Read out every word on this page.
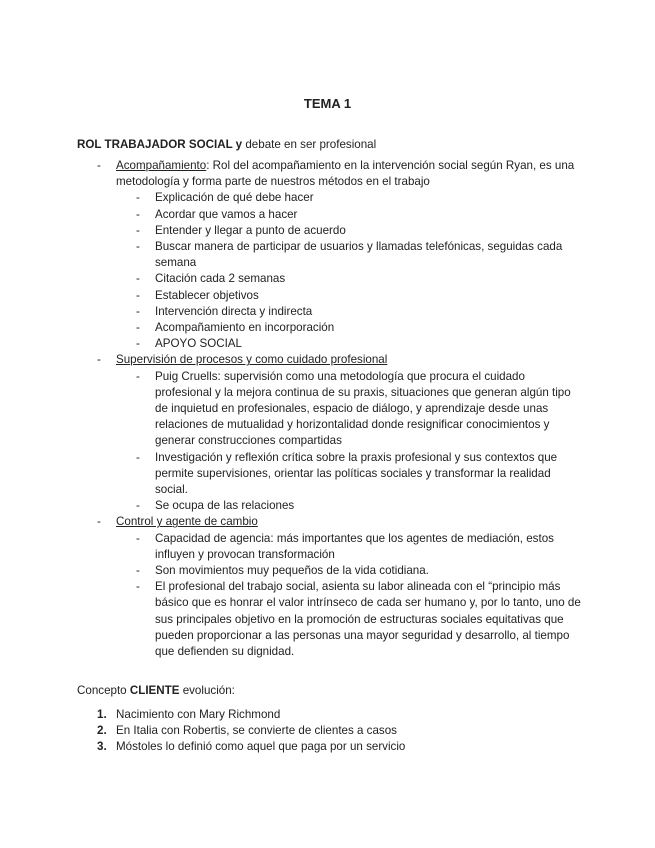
TEMA 1
ROL TRABAJADOR SOCIAL y debate en ser profesional
- Acompañamiento: Rol del acompañamiento en la intervención social según Ryan, es una metodología y forma parte de nuestros métodos en el trabajo
- Explicación de qué debe hacer
- Acordar que vamos a hacer
- Entender y llegar a punto de acuerdo
- Buscar manera de participar de usuarios y llamadas telefónicas, seguidas cada semana
- Citación cada 2 semanas
- Establecer objetivos
- Intervención directa y indirecta
- Acompañamiento en incorporación
- APOYO SOCIAL
- Supervisión de procesos y como cuidado profesional
- Puig Cruells: supervisión como una metodología que procura el cuidado profesional y la mejora continua de su praxis, situaciones que generan algún tipo de inquietud en profesionales, espacio de diálogo, y aprendizaje desde unas relaciones de mutualidad y horizontalidad donde resignificar conocimientos y generar construcciones compartidas
- Investigación y reflexión crítica sobre la praxis profesional y sus contextos que permite supervisiones, orientar las políticas sociales y transformar la realidad social.
- Se ocupa de las relaciones
- Control y agente de cambio
- Capacidad de agencia: más importantes que los agentes de mediación, estos influyen y provocan transformación
- Son movimientos muy pequeños de la vida cotidiana.
- El profesional del trabajo social, asienta su labor alineada con el “principio más básico que es honrar el valor intrínseco de cada ser humano y, por lo tanto, uno de sus principales objetivo en la promoción de estructuras sociales equitativas que pueden proporcionar a las personas una mayor seguridad y desarrollo, al tiempo que defienden su dignidad.
Concepto CLIENTE evolución:
1. Nacimiento con Mary Richmond
2. En Italia con Robertis, se convierte de clientes a casos
3. Móstoles lo definió como aquel que paga por un servicio
